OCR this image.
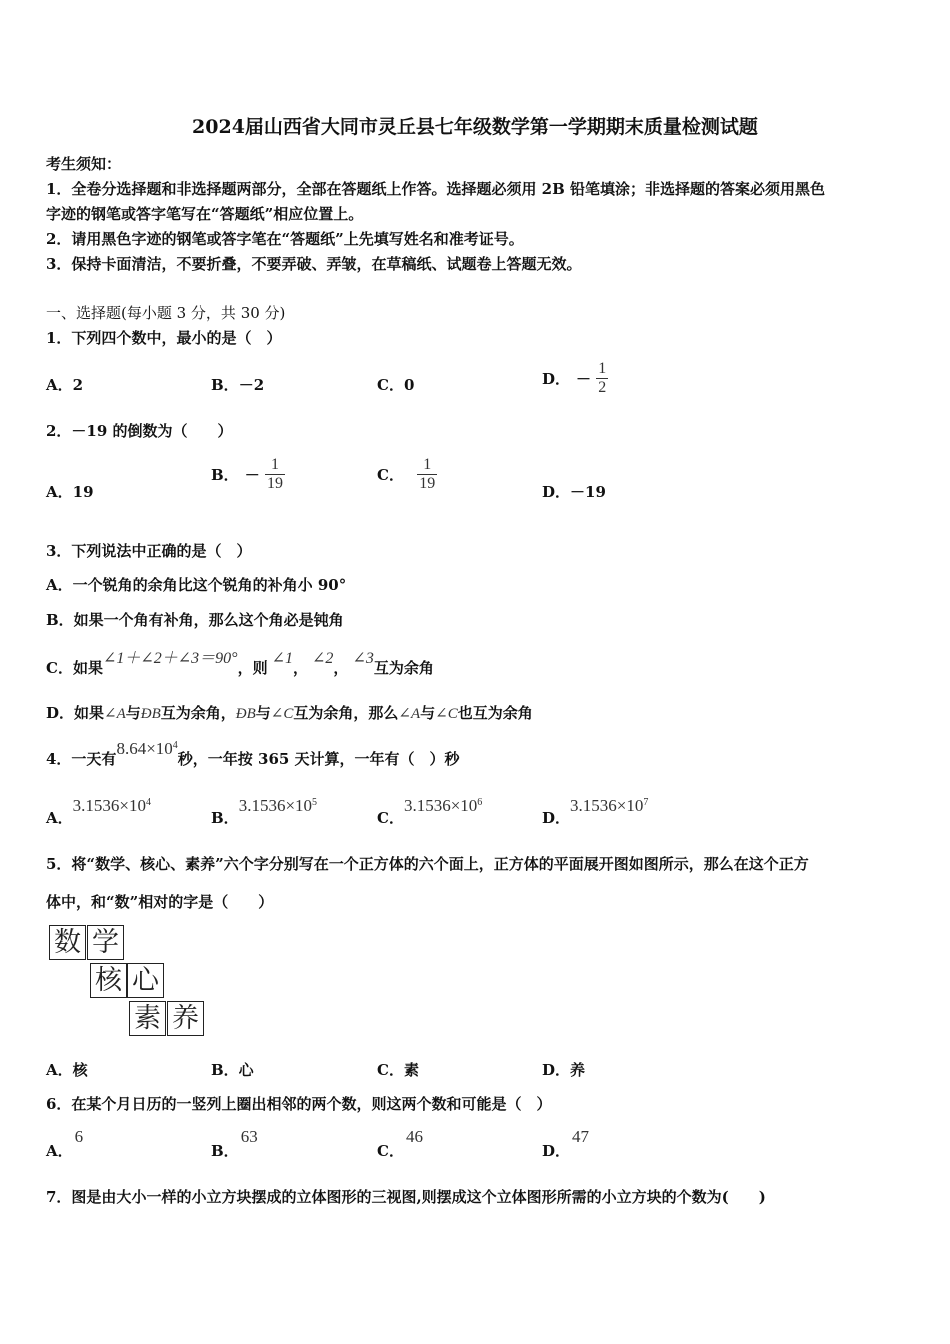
2024届山西省大同市灵丘县七年级数学第一学期期末质量检测试题
考生须知：
1．全卷分选择题和非选择题两部分，全部在答题纸上作答。选择题必须用 2B 铅笔填涂；非选择题的答案必须用黑色
字迹的钢笔或答字笔写在“答题纸”相应位置上。
2．请用黑色字迹的钢笔或答字笔在“答题纸”上先填写姓名和准考证号。
3．保持卡面清洁，不要折叠，不要弄破、弄皱，在草稿纸、试题卷上答题无效。
一、选择题(每小题 3 分，共 30 分)
1．下列四个数中，最小的是（　）
A．2	B．－2	C．0	D． － $\frac{1}{2}$
2．－19 的倒数为（　　）
A．19
B． － $\frac{1}{19}$	C． $\frac{1}{19}$	D．－19
3．下列说法中正确的是（　）
A．一个锐角的余角比这个锐角的补角小 90°
B．如果一个角有补角，那么这个角必是钝角
C．如果∠1＋∠2＋∠3＝90°，则∠1，∠2，∠3互为余角
D．如果∠A与ÐB互为余角，ÐB与∠C互为余角，那么∠A与∠C也互为余角
4．一天有$8.64\times 10^4$秒，一年按 365 天计算，一年有（　）秒
A．$3.1536\times 10^4$
B．$3.1536\times 10^5$
C．$3.1536\times 10^6$
D．$3.1536\times 10^7$
5．将“数学、核心、素养”六个字分别写在一个正方体的六个面上，正方体的平面展开图如图所示，那么在这个正方
体中，和“数”相对的字是（　　）
数 学
核 心
素 养
A．核	B．心	C．素	D．养
6．在某个月日历的一竖列上圈出相邻的两个数，则这两个数和可能是（　）
A．6
B．63
C．46
D．47
7．图是由大小一样的小立方块摆成的立体图形的三视图,则摆成这个立体图形所需的小立方块的个数为(　　)
